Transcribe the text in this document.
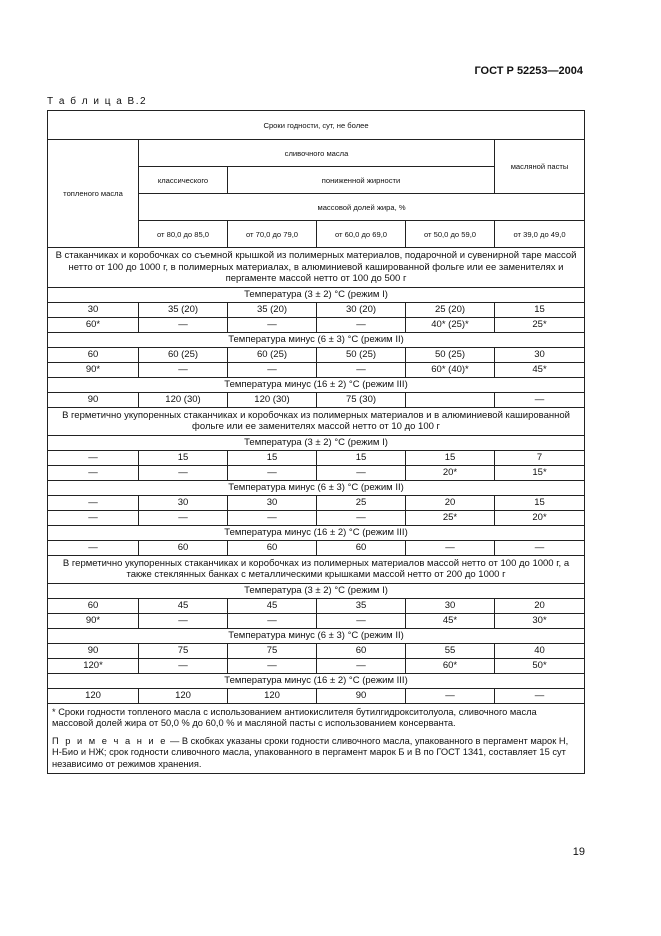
ГОСТ Р 52253—2004
Т а б л и ц а В.2
Сроки годности, сут, не более					
топленого масла	сливочного масла				масляной пасты
	классического	пониженной жирности			
	массовой долей жира, %				
	от 80,0 до 85,0	от 70,0 до 79,0	от 60,0 до 69,0	от 50,0 до 59,0	от 39,0 до 49,0
В стаканчиках и коробочках со съемной крышкой из полимерных материалов, подарочной и сувенирной таре массой нетто от 100 до 1000 г, в полимерных материалах, в алюминиевой кашированной фольге или ее заменителях и пергаменте массой нетто от 100 до 500 г					
Температура (3 ± 2) °С (режим I)					
30	35 (20)	35 (20)	30 (20)	25 (20)	15
60*	—	—	—	40* (25)*	25*
Температура минус (6 ± 3) °С (режим II)					
60	60 (25)	60 (25)	50 (25)	50 (25)	30
90*	—	—	—	60* (40)*	45*
Температура минус (16 ± 2) °С (режим III)					
90	120 (30)	120 (30)	75 (30)		—
В герметично укупоренных стаканчиках и коробочках из полимерных материалов и в алюминиевой кашированной фольге или ее заменителях массой нетто от 10 до 100 г					
Температура (3 ± 2) °С (режим I)					
—	15	15	15	15	7
—	—	—	—	20*	15*
Температура минус (6 ± 3) °С (режим II)					
—	30	30	25	20	15
—	—	—	—	25*	20*
Температура минус (16 ± 2) °С (режим III)					
—	60	60	60	—	—
В герметично укупоренных стаканчиках и коробочках из полимерных материалов массой нетто от 100 до 1000 г, а также стеклянных банках с металлическими крышками массой нетто от 200 до 1000 г					
Температура (3 ± 2) °С (режим I)					
60	45	45	35	30	20
90*	—	—	—	45*	30*
Температура минус (6 ± 3) °С (режим II)					
90	75	75	60	55	40
120*	—	—	—	60*	50*
Температура минус (16 ± 2) °С (режим III)					
120	120	120	90	—	—
* Сроки годности топленого масла с использованием антиокислителя бутилгидрокситолуола, сливочного масла массовой долей жира от 50,0 % до 60,0 % и масляной пасты с использованием консерванта.					
П р и м е ч а н и е — В скобках указаны сроки годности сливочного масла, упакованного в пергамент марок Н, Н-Био и НЖ; срок годности сливочного масла, упакованного в пергамент марок Б и В по ГОСТ 1341, составляет 15 сут независимо от режимов хранения.					
19
